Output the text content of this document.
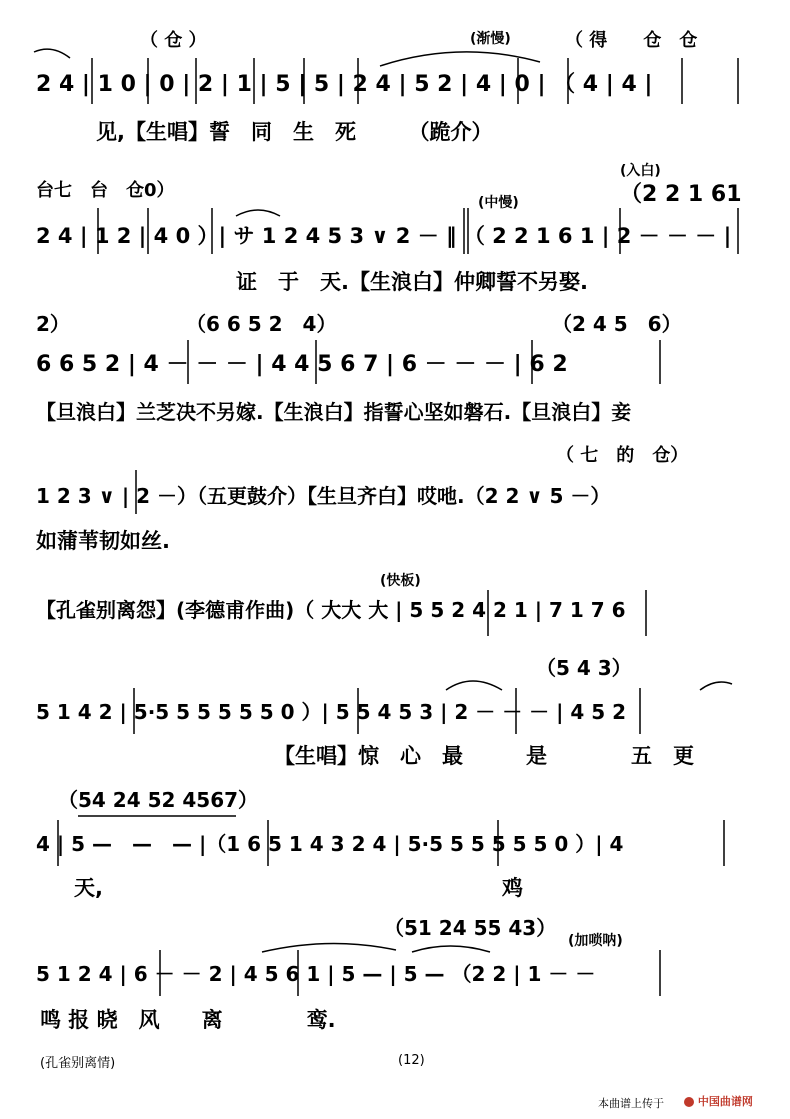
（ 仓 ）	(渐慢)	（ 得　　仓　仓
2 4 | 1 0 | 0 | 2 | 1 | 5 | 5 | 2 4 | 5 2 | 4 | 0 | （ 4 | 4 |
见,【生唱】誓　同　生　死　　　（跪介）
台七　台　仓0）
(入白)
(中慢)	（2 2 1 61
2 4 | 1 2 | 4 0 ）| サ 1 2 4 5 3 ∨ 2 － ‖ （ 2 2 1 6 1 | 2 － － － |
证　于　天.【生浪白】仲卿誓不另娶.
2）	（6 6 5 2　4）	（2 4 5　6）
6 6 5 2 | 4 － － － | 4 4 5 6 7 | 6 － － － | 6 2
【旦浪白】兰芝决不另嫁.【生浪白】指誓心坚如磐石.【旦浪白】妾
（ 七　的　仓）
1 2 3 ∨ | 2 －）（五更鼓介）【生旦齐白】哎吔.（2 2 ∨ 5 －）
如蒲苇韧如丝.
(快板)
【孔雀别离怨】(李德甫作曲)（ 大大 大 | 5 5 2 4 2 1 | 7 1 7 6
（5 4 3）
5 1 4 2 | 5·5 5 5 5 5 5 0 ）| 5 5 4 5 3 | 2 － － － | 4 5 2
【生唱】惊　心　最　　　是　　　　五　更
（54 24 52 4567）
4 | 5 —　—　— |（1 6 5 1 4 3 2 4 | 5·5 5 5 5 5 5 0 ）| 4
天,　　　　　　　　　　　　　　　　　　　鸡
（51 24 55 43）
(加唢呐)
5 1 2 4 | 6 － － 2 | 4 5 6 1 | 5 — | 5 — （2 2 | 1 － －
鸣 报 晓　风　　离　　　　鸾.
(孔雀别离情)	(12)
本曲谱上传于	中国曲谱网
